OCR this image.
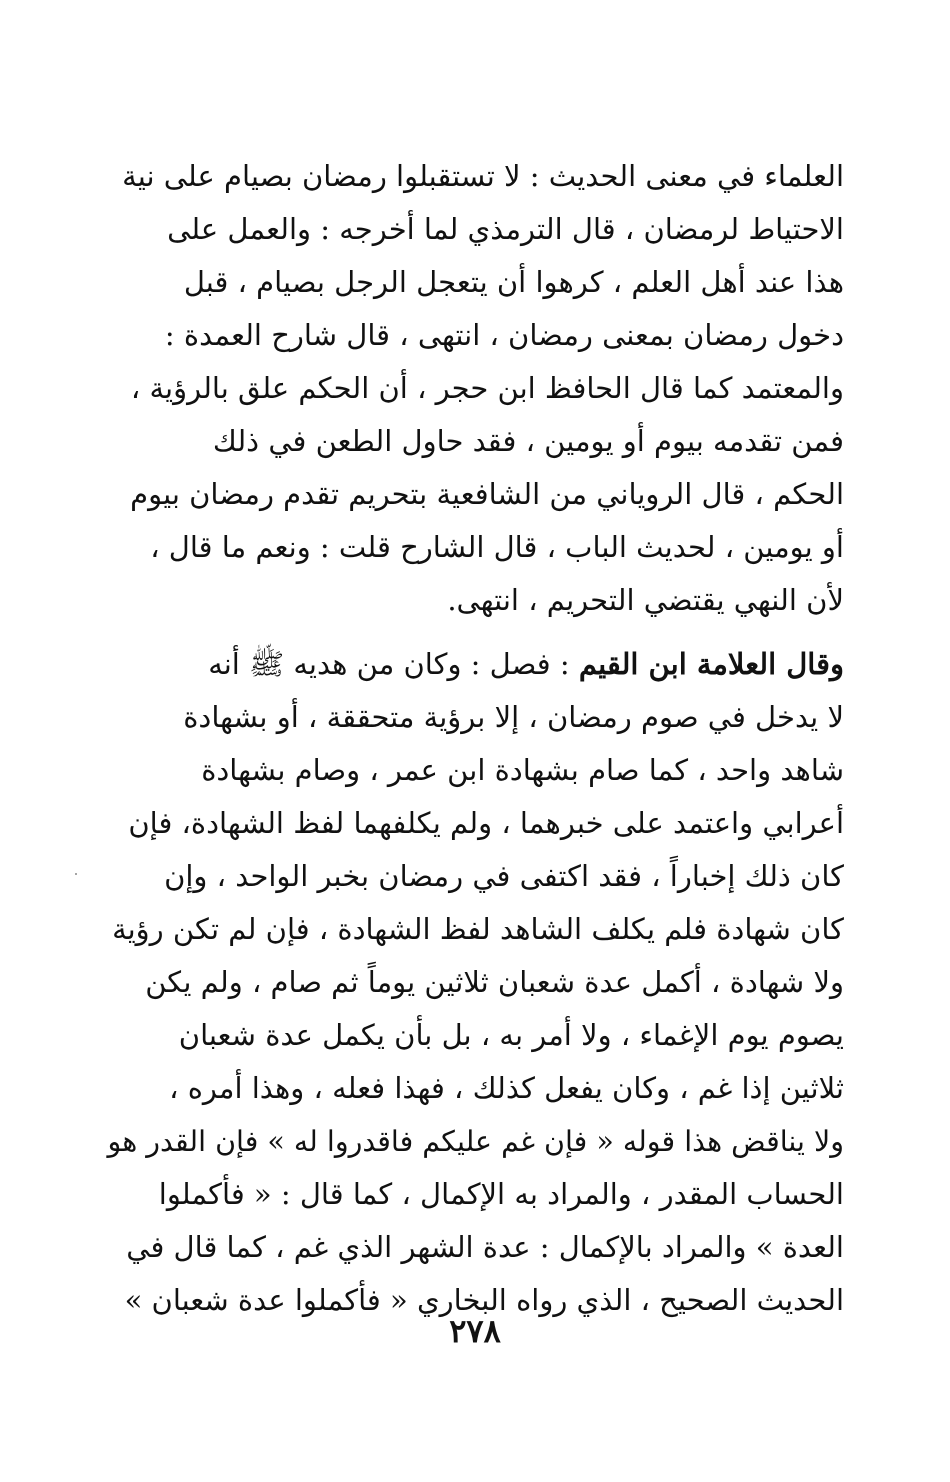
العلماء في معنى الحديث : لا تستقبلوا رمضان بصيام على نية
الاحتياط لرمضان ، قال الترمذي لما أخرجه : والعمل على
هذا عند أهل العلم ، كرهوا أن يتعجل الرجل بصيام ، قبل
دخول رمضان بمعنى رمضان ، انتهى ، قال شارح العمدة :
والمعتمد كما قال الحافظ ابن حجر ، أن الحكم علق بالرؤية ،
فمن تقدمه بيوم أو يومين ، فقد حاول الطعن في ذلك
الحكم ، قال الروياني من الشافعية بتحريم تقدم رمضان بيوم
أو يومين ، لحديث الباب ، قال الشارح قلت : ونعم ما قال ،
لأن النهي يقتضي التحريم ، انتهى.
وقال العلامة ابن القيم : فصل : وكان من هديه ﷺ أنه
لا يدخل في صوم رمضان ، إلا برؤية متحققة ، أو بشهادة
شاهد واحد ، كما صام بشهادة ابن عمر ، وصام بشهادة
أعرابي واعتمد على خبرهما ، ولم يكلفهما لفظ الشهادة، فإن
كان ذلك إخباراً ، فقد اكتفى في رمضان بخبر الواحد ، وإن
كان شهادة فلم يكلف الشاهد لفظ الشهادة ، فإن لم تكن رؤية
ولا شهادة ، أكمل عدة شعبان ثلاثين يوماً ثم صام ، ولم يكن
يصوم يوم الإغماء ، ولا أمر به ، بل بأن يكمل عدة شعبان
ثلاثين إذا غم ، وكان يفعل كذلك ، فهذا فعله ، وهذا أمره ،
ولا يناقض هذا قوله « فإن غم عليكم فاقدروا له » فإن القدر هو
الحساب المقدر ، والمراد به الإكمال ، كما قال : « فأكملوا
العدة » والمراد بالإكمال : عدة الشهر الذي غم ، كما قال في
الحديث الصحيح ، الذي رواه البخاري « فأكملوا عدة شعبان »
٢٧٨
